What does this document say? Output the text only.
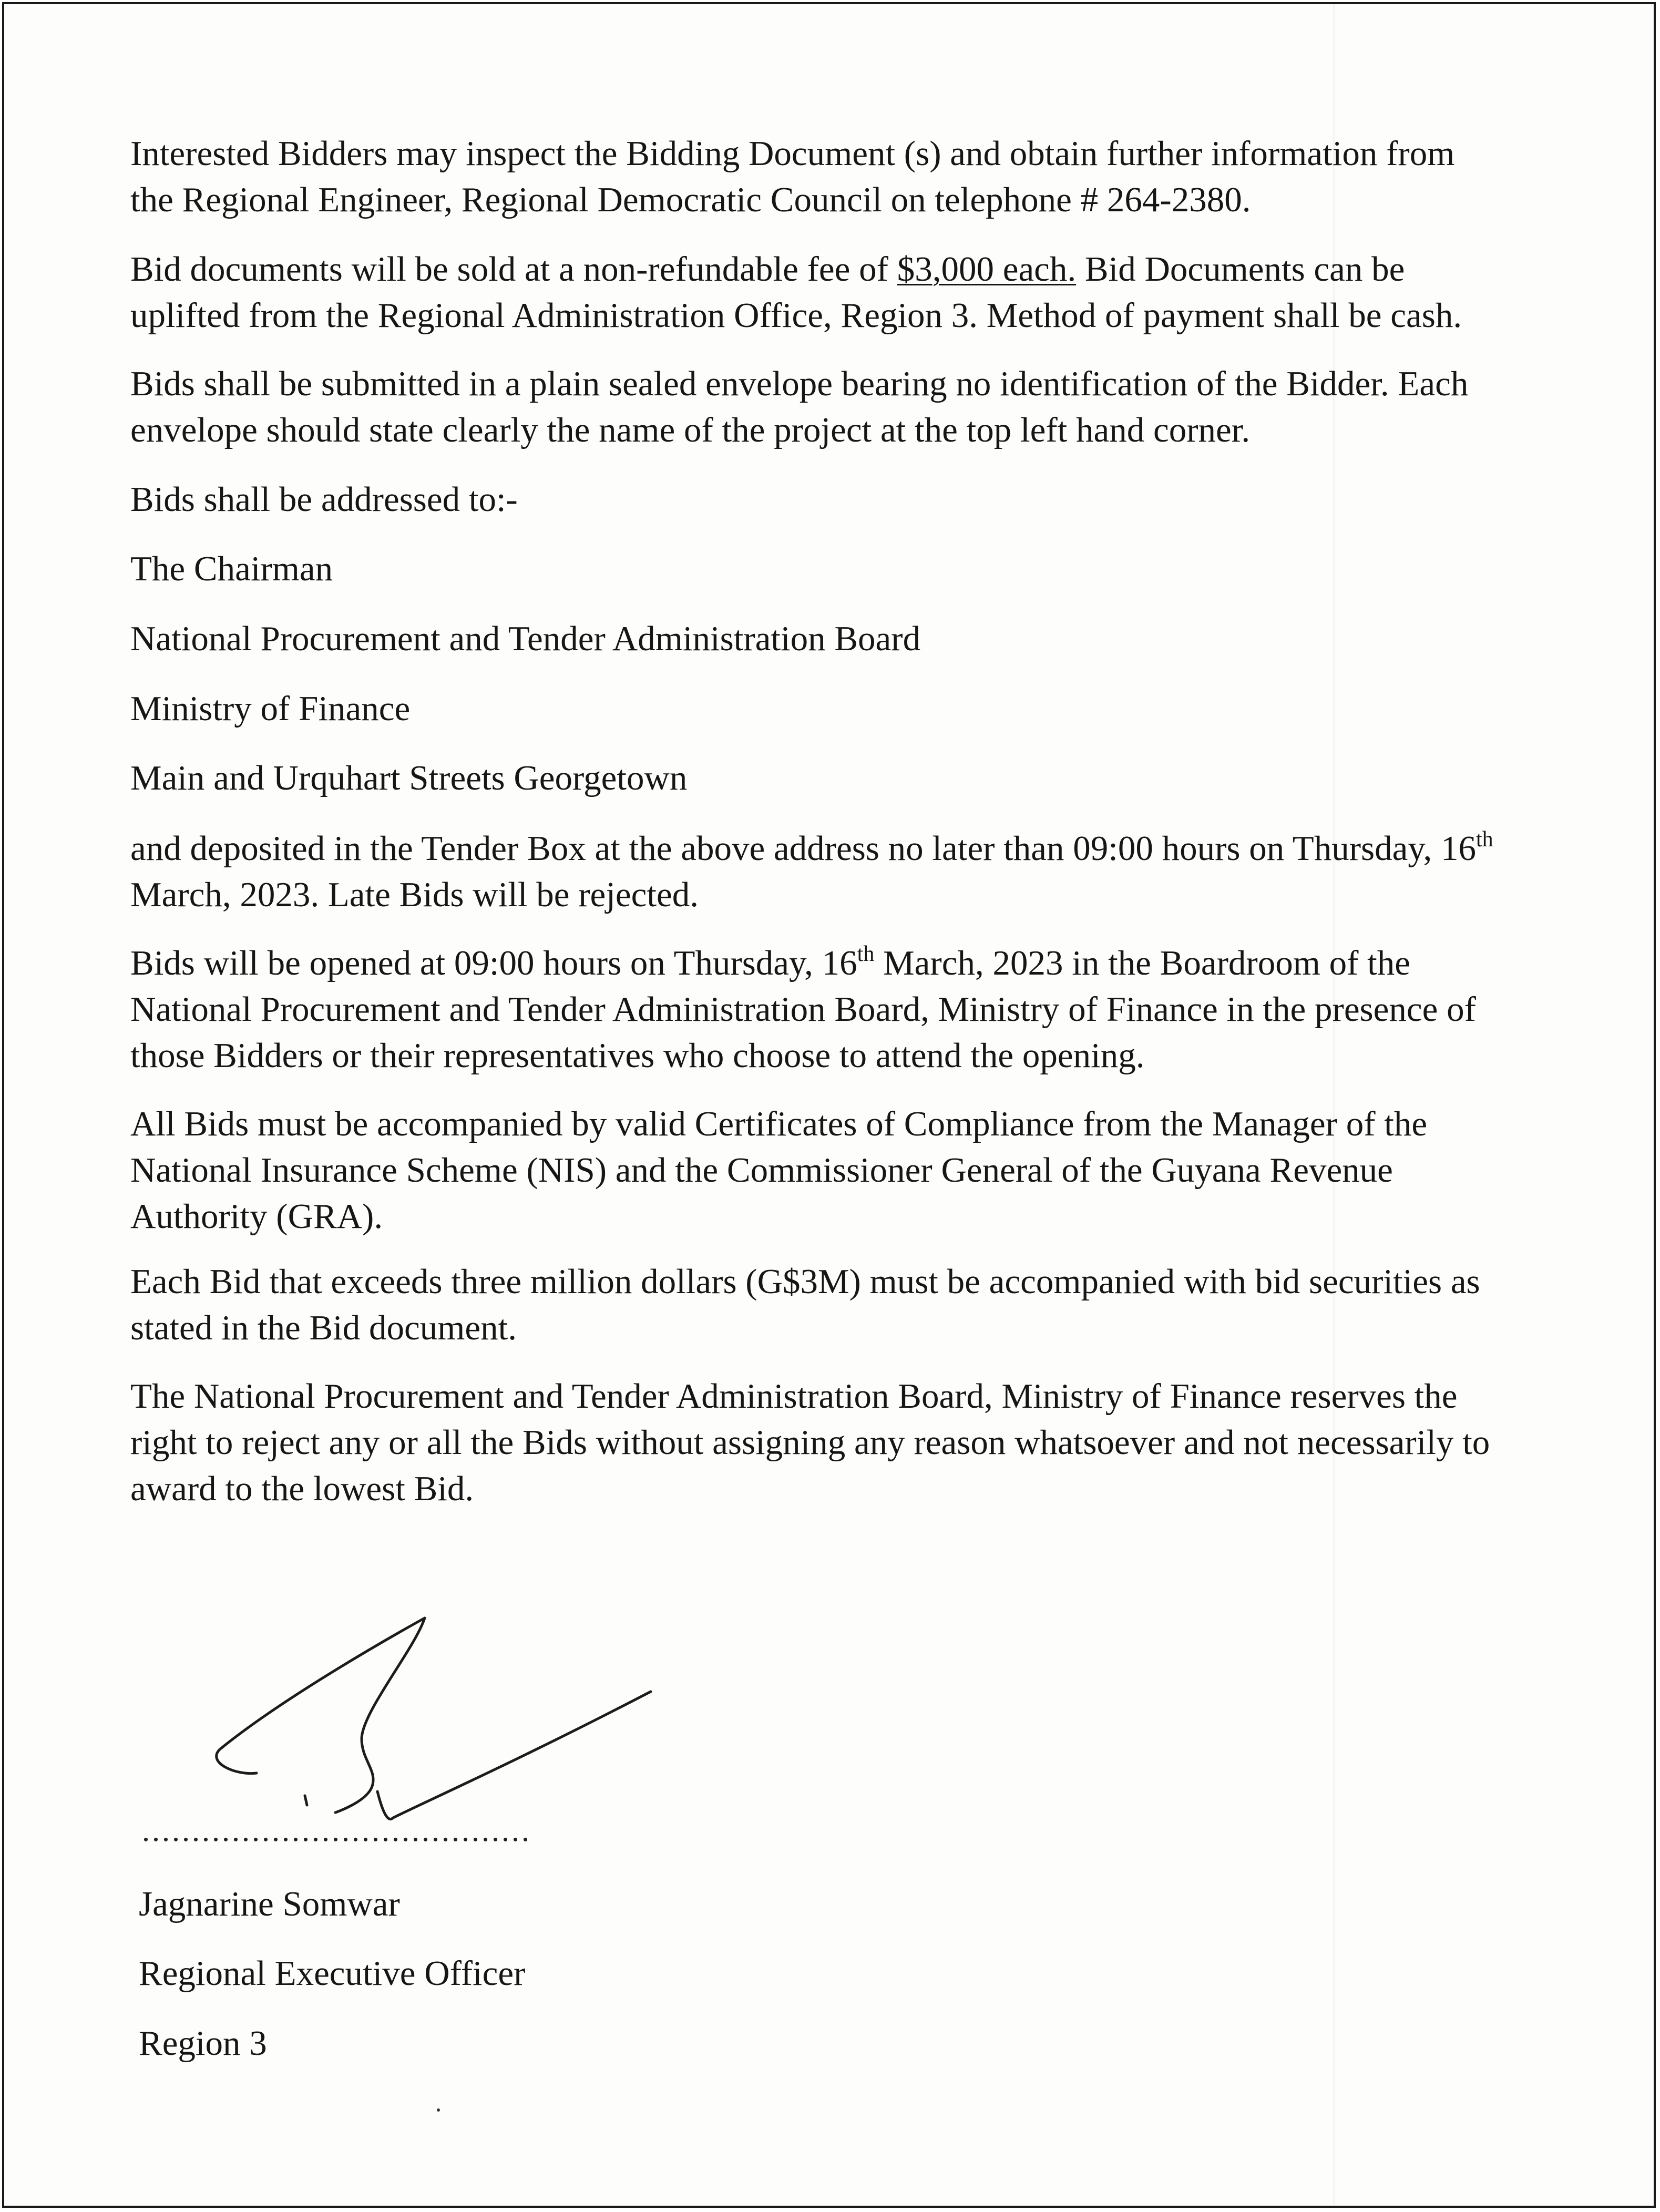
Interested Bidders may inspect the Bidding Document (s) and obtain further information from
the Regional Engineer, Regional Democratic Council on telephone # 264-2380.

Bid documents will be sold at a non-refundable fee of $3,000 each. Bid Documents can be
uplifted from the Regional Administration Office, Region 3. Method of payment shall be cash.

Bids shall be submitted in a plain sealed envelope bearing no identification of the Bidder. Each
envelope should state clearly the name of the project at the top left hand corner.

Bids shall be addressed to:-

The Chairman

National Procurement and Tender Administration Board

Ministry of Finance

Main and Urquhart Streets Georgetown

and deposited in the Tender Box at the above address no later than 09:00 hours on Thursday, 16th
March, 2023. Late Bids will be rejected.

Bids will be opened at 09:00 hours on Thursday, 16th March, 2023 in the Boardroom of the
National Procurement and Tender Administration Board, Ministry of Finance in the presence of
those Bidders or their representatives who choose to attend the opening.

All Bids must be accompanied by valid Certificates of Compliance from the Manager of the
National Insurance Scheme (NIS) and the Commissioner General of the Guyana Revenue
Authority (GRA).

Each Bid that exceeds three million dollars (G$3M) must be accompanied with bid securities as
stated in the Bid document.

The National Procurement and Tender Administration Board, Ministry of Finance reserves the
right to reject any or all the Bids without assigning any reason whatsoever and not necessarily to
award to the lowest Bid.

Jagnarine Somwar

Regional Executive Officer

Region 3

.......................................
